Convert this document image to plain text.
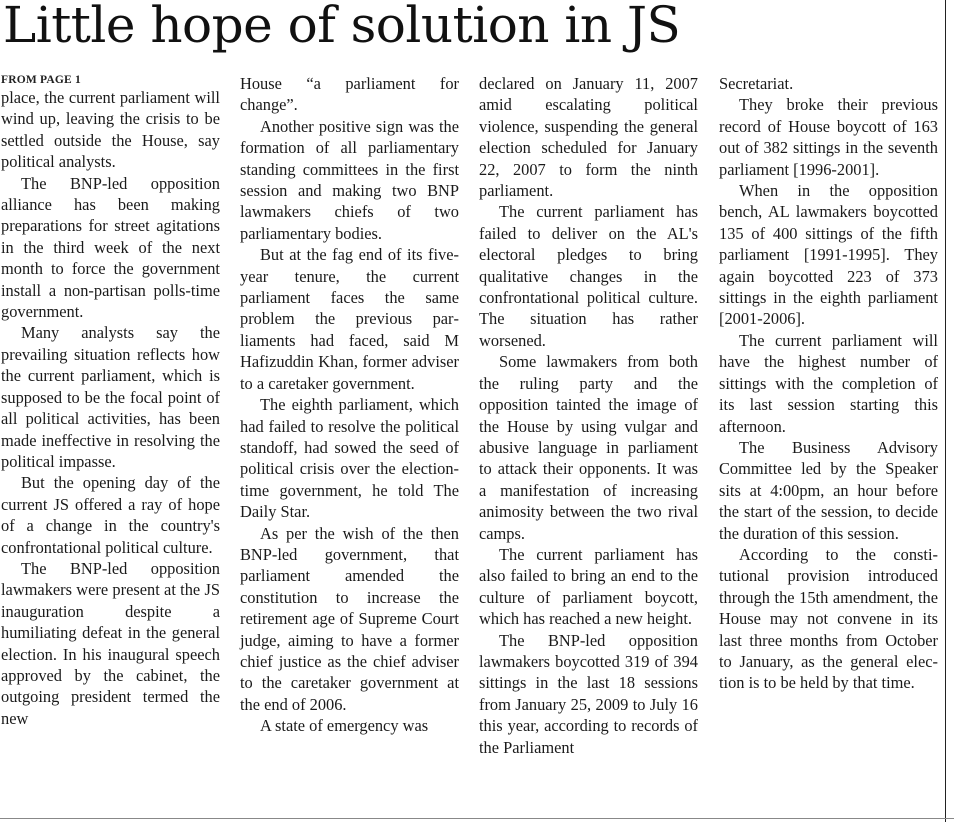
Little hope of solution in JS
FROM PAGE 1

place, the current parliament will wind up, leaving the crisis to be settled outside the House, say political analysts.

The BNP-led opposition alliance has been making preparations for street agitations in the third week of the next month to force the government install a non-partisan polls-time government.

Many analysts say the prevailing situation reflects how the current parliament, which is supposed to be the focal point of all political activities, has been made ineffective in resolving the political impasse.

But the opening day of the current JS offered a ray of hope of a change in the country's confrontational political culture.

The BNP-led opposition lawmakers were present at the JS inauguration despite a humiliating defeat in the general election. In his inaugural speech approved by the cabinet, the outgoing president termed the new

House “a parliament for change”.

Another positive sign was the formation of all parliamentary standing committees in the first session and making two BNP lawmakers chiefs of two parliamentary bodies.

But at the fag end of its five-year tenure, the current parliament faces the same problem the previous parliaments had faced, said M Hafizuddin Khan, former adviser to a caretaker government.

The eighth parliament, which had failed to resolve the political standoff, had sowed the seed of political crisis over the election-time government, he told The Daily Star.

As per the wish of the then BNP-led government, that parliament amended the constitution to increase the retirement age of Supreme Court judge, aiming to have a former chief justice as the chief adviser to the caretaker government at the end of 2006.

A state of emergency was

declared on January 11, 2007 amid escalating political violence, suspending the general election scheduled for January 22, 2007 to form the ninth parliament.

The current parliament has failed to deliver on the AL's electoral pledges to bring qualitative changes in the confrontational political culture. The situation has rather worsened.

Some lawmakers from both the ruling party and the opposition tainted the image of the House by using vulgar and abusive language in parliament to attack their opponents. It was a manifestation of increasing animosity between the two rival camps.

The current parliament has also failed to bring an end to the culture of parliament boycott, which has reached a new height.

The BNP-led opposition lawmakers boycotted 319 of 394 sittings in the last 18 sessions from January 25, 2009 to July 16 this year, according to records of the Parliament

Secretariat.

They broke their previous record of House boycott of 163 out of 382 sittings in the seventh parliament [1996-2001].

When in the opposition bench, AL lawmakers boycotted 135 of 400 sittings of the fifth parliament [1991-1995]. They again boycotted 223 of 373 sittings in the eighth parliament [2001-2006].

The current parliament will have the highest number of sittings with the completion of its last session starting this afternoon.

The Business Advisory Committee led by the Speaker sits at 4:00pm, an hour before the start of the session, to decide the duration of this session.

According to the constitutional provision introduced through the 15th amendment, the House may not convene in its last three months from October to January, as the general election is to be held by that time.
